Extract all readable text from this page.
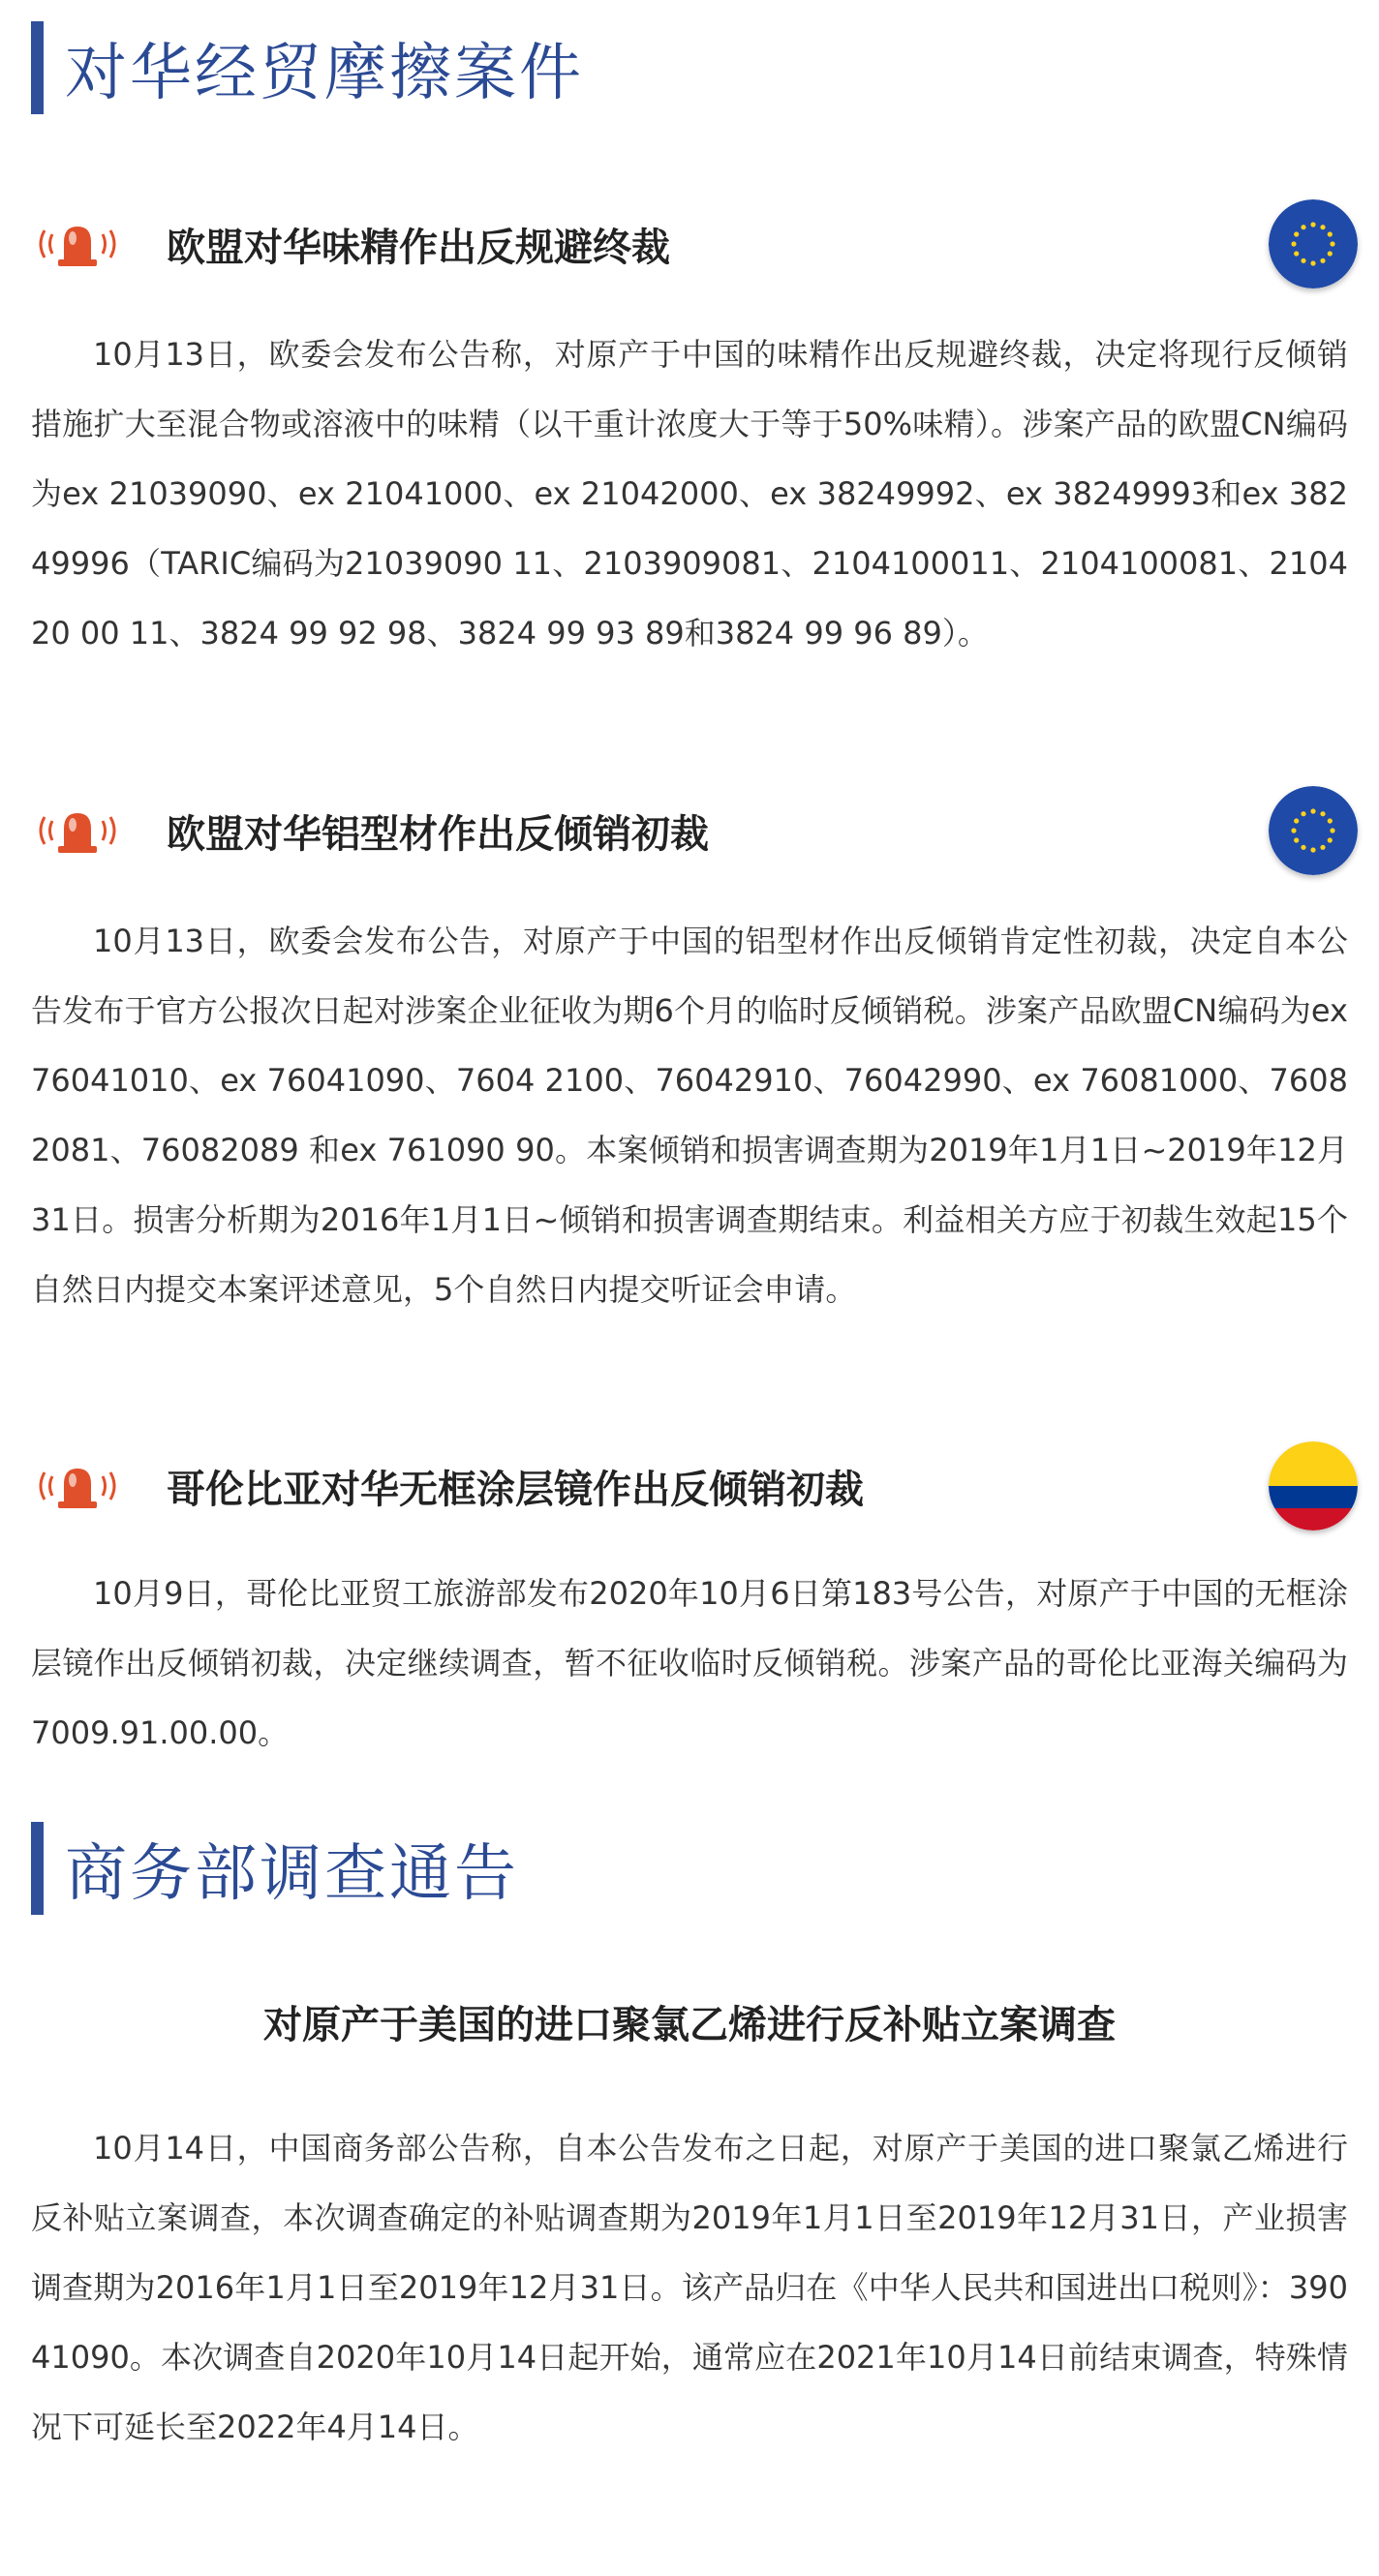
对华经贸摩擦案件
欧盟对华味精作出反规避终裁

10月13日，欧委会发布公告称，对原产于中国的味精作出反规避终裁，决定将现行反倾销措施扩大至混合物或溶液中的味精（以干重计浓度大于等于50%味精）。涉案产品的欧盟CN编码为ex 21039090、ex 21041000、ex 21042000、ex 38249992、ex 38249993和ex 38249996（TARIC编码为21039090 11、2103909081、2104100011、2104100081、2104 20 00 11、3824 99 92 98、3824 99 93 89和3824 99 96 89）。

欧盟对华铝型材作出反倾销初裁

10月13日，欧委会发布公告，对原产于中国的铝型材作出反倾销肯定性初裁，决定自本公告发布于官方公报次日起对涉案企业征收为期6个月的临时反倾销税。涉案产品欧盟CN编码为ex 76041010、ex 76041090、7604 2100、76042910、76042990、ex 76081000、76082081、76082089 和ex 761090 90。本案倾销和损害调查期为2019年1月1日~2019年12月31日。损害分析期为2016年1月1日~倾销和损害调查期结束。利益相关方应于初裁生效起15个自然日内提交本案评述意见，5个自然日内提交听证会申请。

哥伦比亚对华无框涂层镜作出反倾销初裁

10月9日，哥伦比亚贸工旅游部发布2020年10月6日第183号公告，对原产于中国的无框涂层镜作出反倾销初裁，决定继续调查，暂不征收临时反倾销税。涉案产品的哥伦比亚海关编码为7009.91.00.00。

商务部调查通告
对原产于美国的进口聚氯乙烯进行反补贴立案调查

10月14日，中国商务部公告称，自本公告发布之日起，对原产于美国的进口聚氯乙烯进行反补贴立案调查，本次调查确定的补贴调查期为2019年1月1日至2019年12月31日，产业损害调查期为2016年1月1日至2019年12月31日。该产品归在《中华人民共和国进出口税则》：39041090。本次调查自2020年10月14日起开始，通常应在2021年10月14日前结束调查，特殊情况下可延长至2022年4月14日。
